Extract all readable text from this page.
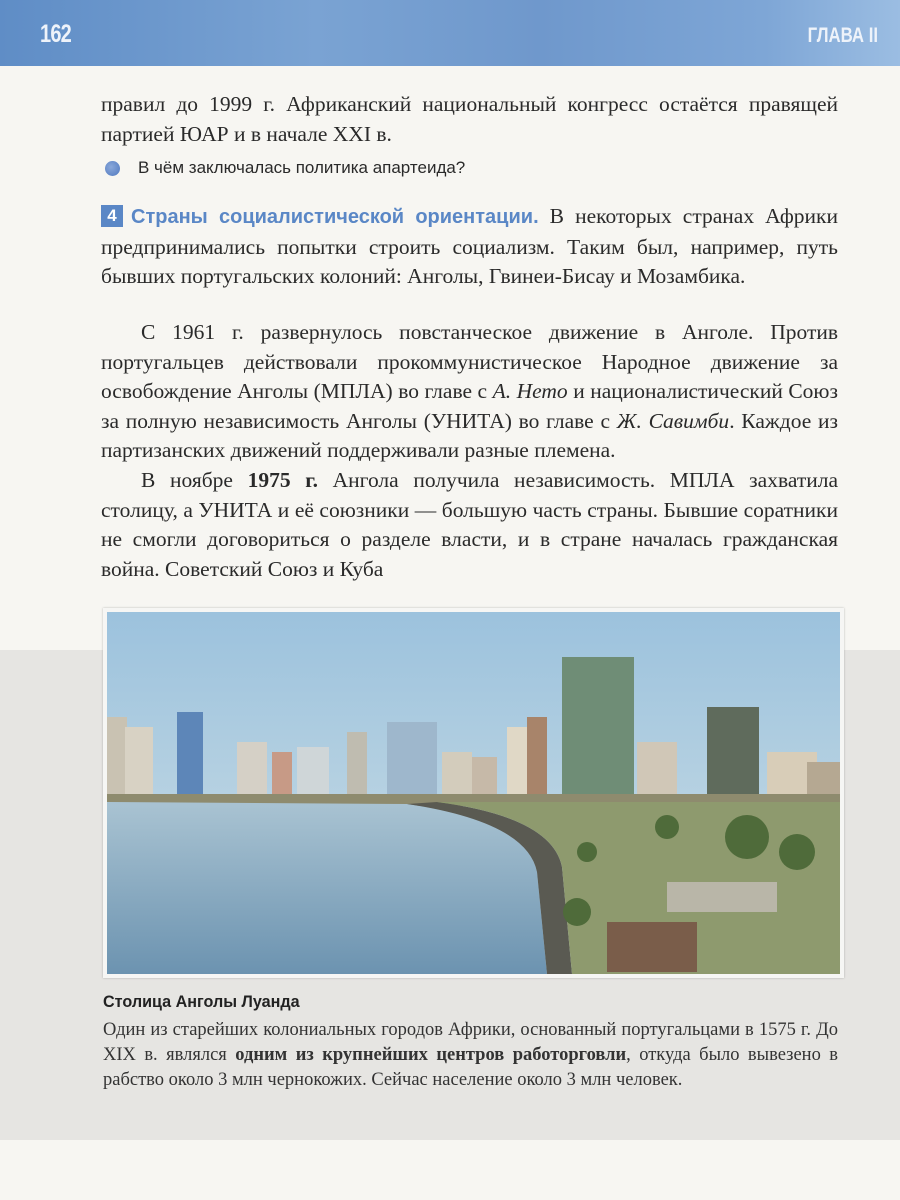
162	ГЛАВА II
правил до 1999 г. Африканский национальный конгресс остаётся правящей партией ЮАР и в начале XXI в.
В чём заключалась политика апартеида?
4 Страны социалистической ориентации. В некоторых странах Африки предпринимались попытки строить социализм. Таким был, например, путь бывших португальских колоний: Анголы, Гвинеи-Бисау и Мозамбика.
С 1961 г. развернулось повстанческое движение в Анголе. Против португальцев действовали прокоммунистическое Народное движение за освобождение Анголы (МПЛА) во главе с А. Нето и националистический Союз за полную независимость Анголы (УНИТА) во главе с Ж. Савимби. Каждое из партизанских движений поддерживали разные племена.
В ноябре 1975 г. Ангола получила независимость. МПЛА захватила столицу, а УНИТА и её союзники — большую часть страны. Бывшие соратники не смогли договориться о разделе власти, и в стране началась гражданская война. Советский Союз и Куба
Столица Анголы Луанда
Один из старейших колониальных городов Африки, основанный португальцами в 1575 г. До XIX в. являлся одним из крупнейших центров работорговли, откуда было вывезено в рабство около 3 млн чернокожих. Сейчас население около 3 млн человек.
